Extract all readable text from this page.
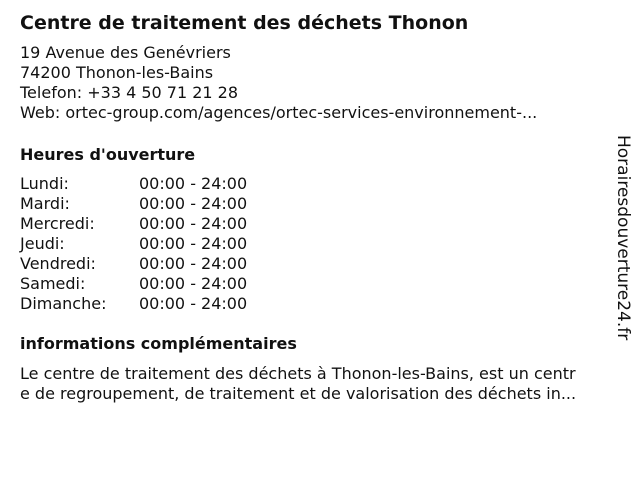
Centre de traitement des déchets Thonon
19 Avenue des Genévriers
74200 Thonon-les-Bains
Telefon: +33 4 50 71 21 28
Web: ortec-group.com/agences/ortec-services-environnement-...
Heures d'ouverture
Lundi:	00:00 - 24:00
Mardi:	00:00 - 24:00
Mercredi:	00:00 - 24:00
Jeudi:	00:00 - 24:00
Vendredi:	00:00 - 24:00
Samedi:	00:00 - 24:00
Dimanche: 00:00 - 24:00
informations complémentaires
Le centre de traitement des déchets à Thonon-les-Bains, est un centr
e de regroupement, de traitement et de valorisation des déchets in...
Horairesdouverture24.fr
